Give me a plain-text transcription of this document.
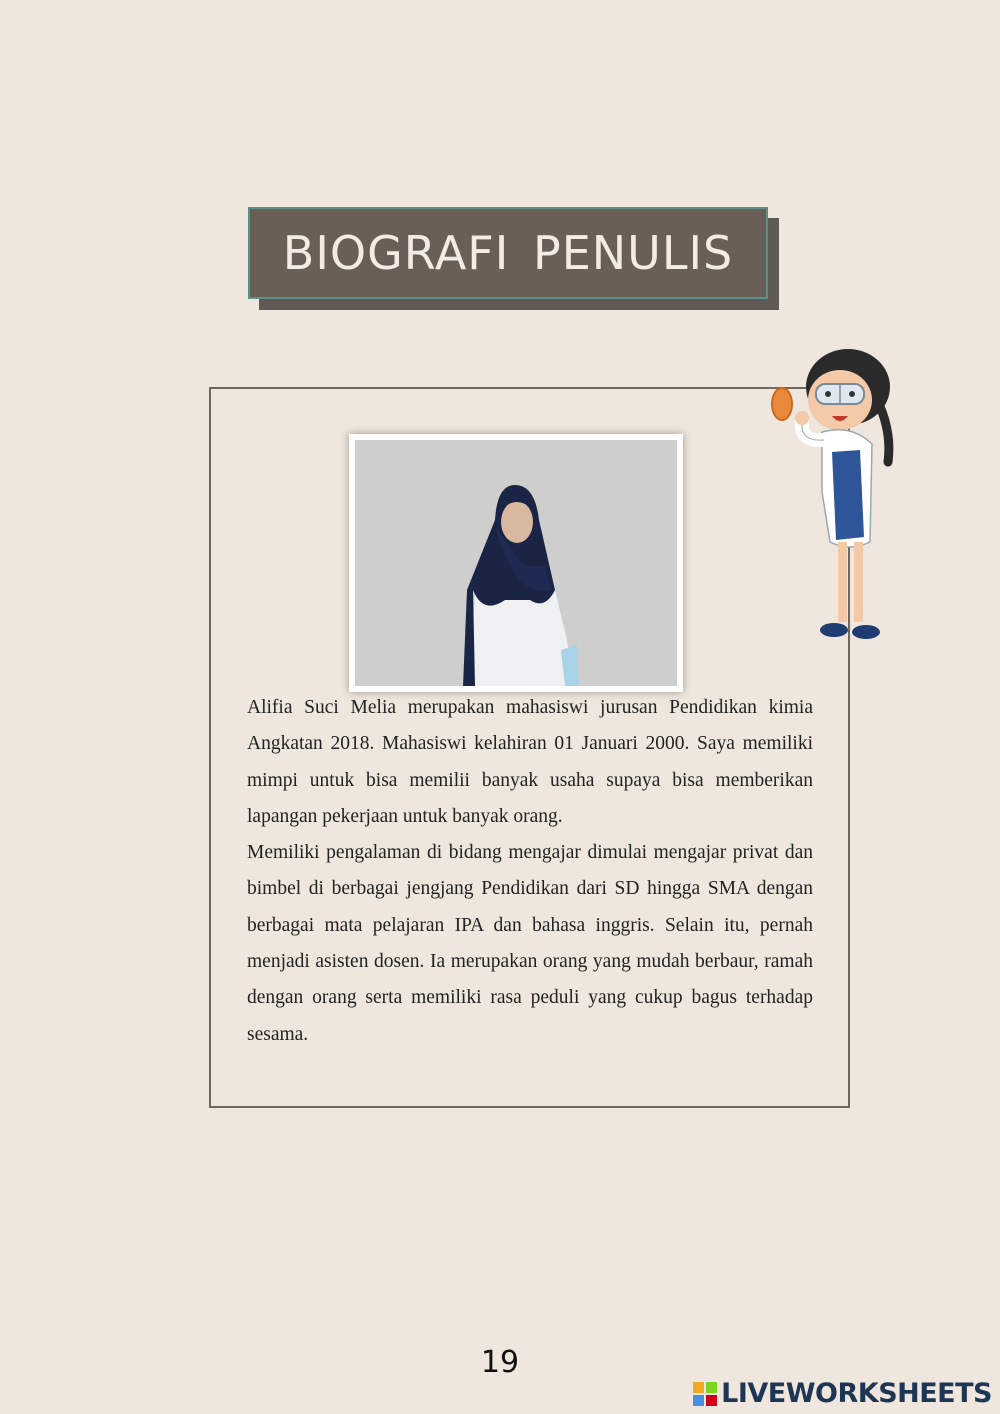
BIOGRAFI PENULIS

Alifia Suci Melia merupakan mahasiswi jurusan Pendidikan kimia Angkatan 2018. Mahasiswi kelahiran 01 Januari 2000. Saya memiliki mimpi untuk bisa memilii banyak usaha supaya bisa memberikan lapangan pekerjaan untuk banyak orang.

Memiliki pengalaman di bidang mengajar dimulai mengajar privat dan bimbel di berbagai jengjang Pendidikan dari SD hingga SMA dengan berbagai mata pelajaran IPA dan bahasa inggris. Selain itu, pernah menjadi asisten dosen. Ia merupakan orang yang mudah berbaur, ramah dengan orang serta memiliki rasa peduli yang cukup bagus terhadap sesama.

19
LIVEWORKSHEETS
